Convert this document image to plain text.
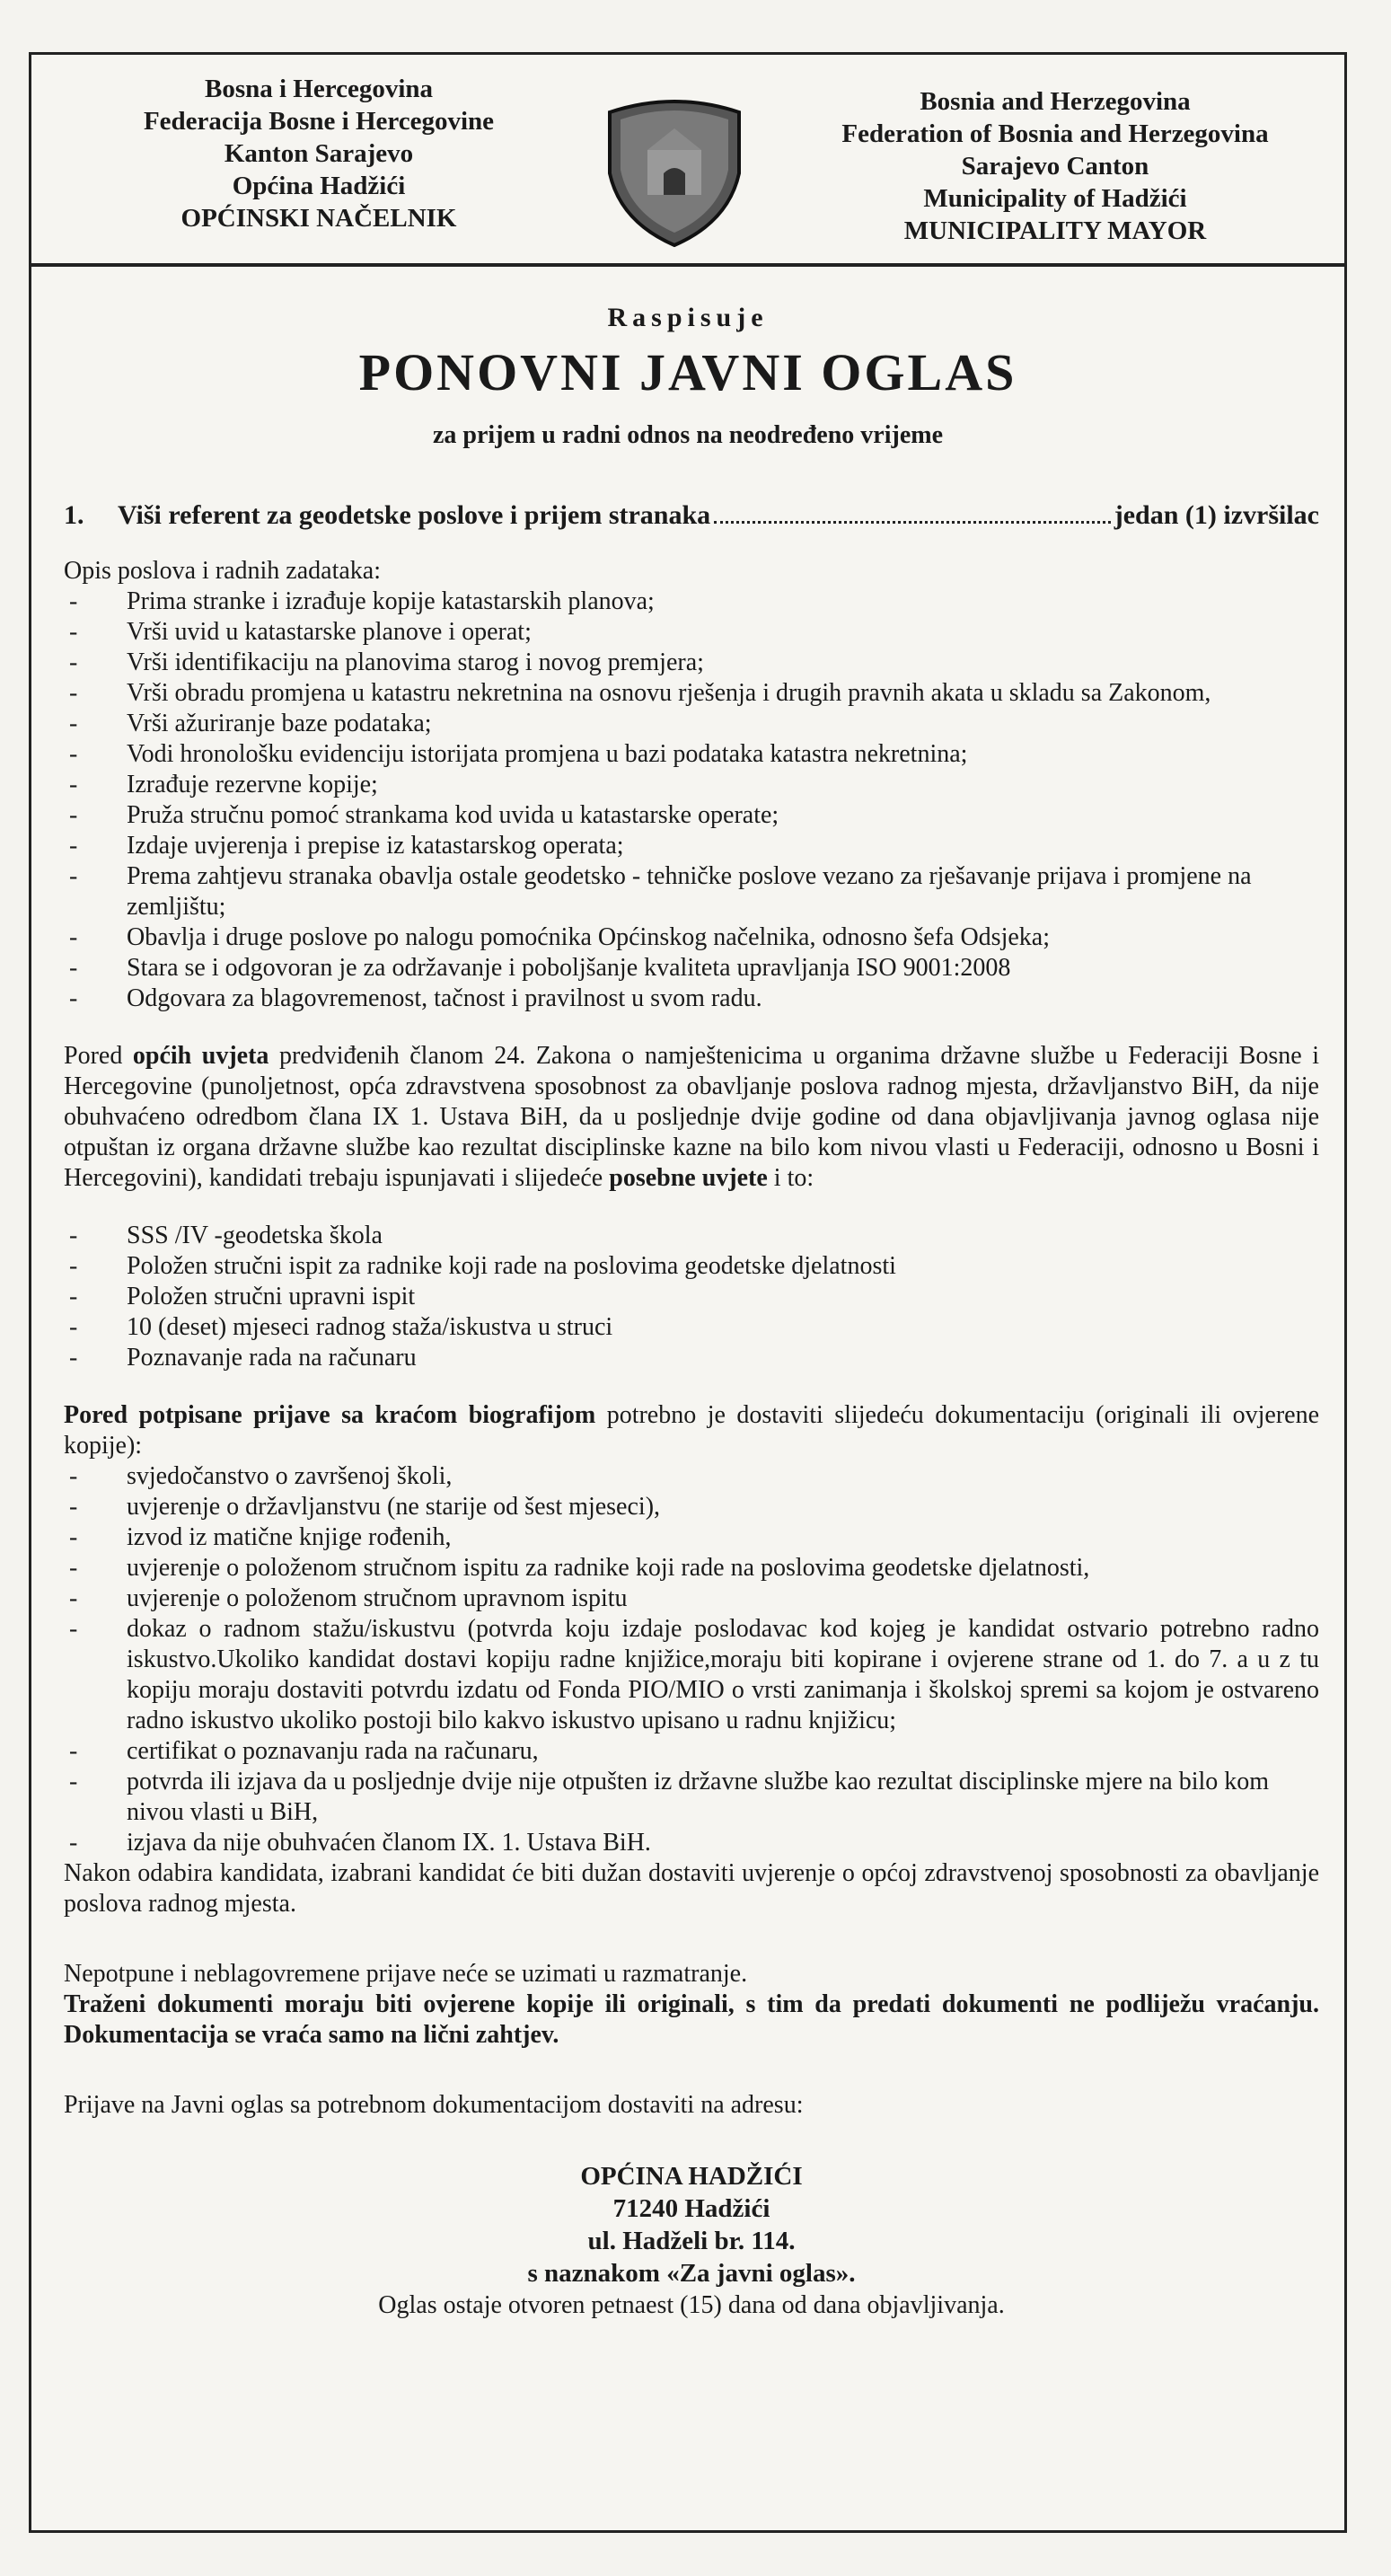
Bosna i Hercegovina
Federacija Bosne i Hercegovine
Kanton Sarajevo
Općina Hadžići
OPĆINSKI NAČELNIK
Bosnia and Herzegovina
Federation of Bosnia and Herzegovina
Sarajevo Canton
Municipality of Hadžići
MUNICIPALITY MAYOR
Raspisuje
PONOVNI JAVNI OGLAS
za prijem u radni odnos na neodređeno vrijeme
1.	Viši referent za geodetske poslove i prijem stranaka	jedan (1) izvršilac
Opis poslova i radnih zadataka:
- Prima stranke i izrađuje kopije katastarskih planova;
- Vrši uvid u katastarske planove i operat;
- Vrši identifikaciju na planovima starog i novog premjera;
- Vrši obradu promjena u katastru nekretnina na osnovu rješenja i drugih pravnih akata u skladu sa Zakonom,
- Vrši ažuriranje baze podataka;
- Vodi hronološku evidenciju istorijata promjena u bazi podataka katastra nekretnina;
- Izrađuje rezervne kopije;
- Pruža stručnu pomoć strankama kod uvida u katastarske operate;
- Izdaje uvjerenja i prepise iz katastarskog operata;
- Prema zahtjevu stranaka obavlja ostale geodetsko - tehničke poslove vezano za rješavanje prijava i promjene na zemljištu;
- Obavlja i druge poslove po nalogu pomoćnika Općinskog načelnika, odnosno šefa Odsjeka;
- Stara se i odgovoran je za održavanje i poboljšanje kvaliteta upravljanja ISO 9001:2008
- Odgovara za blagovremenost, tačnost i pravilnost u svom radu.

Pored općih uvjeta predviđenih članom 24. Zakona o namještenicima u organima državne službe u Federaciji Bosne i Hercegovine (punoljetnost, opća zdravstvena sposobnost za obavljanje poslova radnog mjesta, državljanstvo BiH, da nije obuhvaćeno odredbom člana IX 1. Ustava BiH, da u posljednje dvije godine od dana objavljivanja javnog oglasa nije otpuštan iz organa državne službe kao rezultat disciplinske kazne na bilo kom nivou vlasti u Federaciji, odnosno u Bosni i Hercegovini), kandidati trebaju ispunjavati i slijedeće posebne uvjete i to:

- SSS /IV -geodetska škola
- Položen stručni ispit za radnike koji rade na poslovima geodetske djelatnosti
- Položen stručni upravni ispit
- 10 (deset) mjeseci radnog staža/iskustva u struci
- Poznavanje rada na računaru

Pored potpisane prijave sa kraćom biografijom potrebno je dostaviti slijedeću dokumentaciju (originali ili ovjerene kopije):

- svjedočanstvo o završenoj školi,
- uvjerenje o državljanstvu (ne starije od šest mjeseci),
- izvod iz matične knjige rođenih,
- uvjerenje o položenom stručnom ispitu za radnike koji rade na poslovima geodetske djelatnosti,
- uvjerenje o položenom stručnom upravnom ispitu
- dokaz o radnom stažu/iskustvu (potvrda koju izdaje poslodavac kod kojeg je kandidat ostvario potrebno radno iskustvo.Ukoliko kandidat dostavi kopiju radne knjižice,moraju biti kopirane i ovjerene strane od 1. do 7. a u z tu kopiju moraju dostaviti potvrdu izdatu od Fonda PIO/MIO o vrsti zanimanja i školskoj spremi sa kojom je ostvareno radno iskustvo ukoliko postoji bilo kakvo iskustvo upisano u radnu knjižicu;
- certifikat o poznavanju rada na računaru,
- potvrda ili izjava da u posljednje dvije nije otpušten iz državne službe kao rezultat disciplinske mjere na bilo kom nivou vlasti u BiH,
- izjava da nije obuhvaćen članom IX. 1. Ustava BiH.

Nakon odabira kandidata, izabrani kandidat će biti dužan dostaviti uvjerenje o općoj zdravstvenoj sposobnosti za obavljanje poslova radnog mjesta.

Nepotpune i neblagovremene prijave neće se uzimati u razmatranje.

Traženi dokumenti moraju biti ovjerene kopije ili originali, s tim da predati dokumenti ne podliježu vraćanju. Dokumentacija se vraća samo na lični zahtjev.

Prijave na Javni oglas sa potrebnom dokumentacijom dostaviti na adresu:

OPĆINA HADŽIĆI
71240 Hadžići
ul. Hadželi br. 114.
s naznakom «Za javni oglas».
Oglas ostaje otvoren petnaest (15) dana od dana objavljivanja.
